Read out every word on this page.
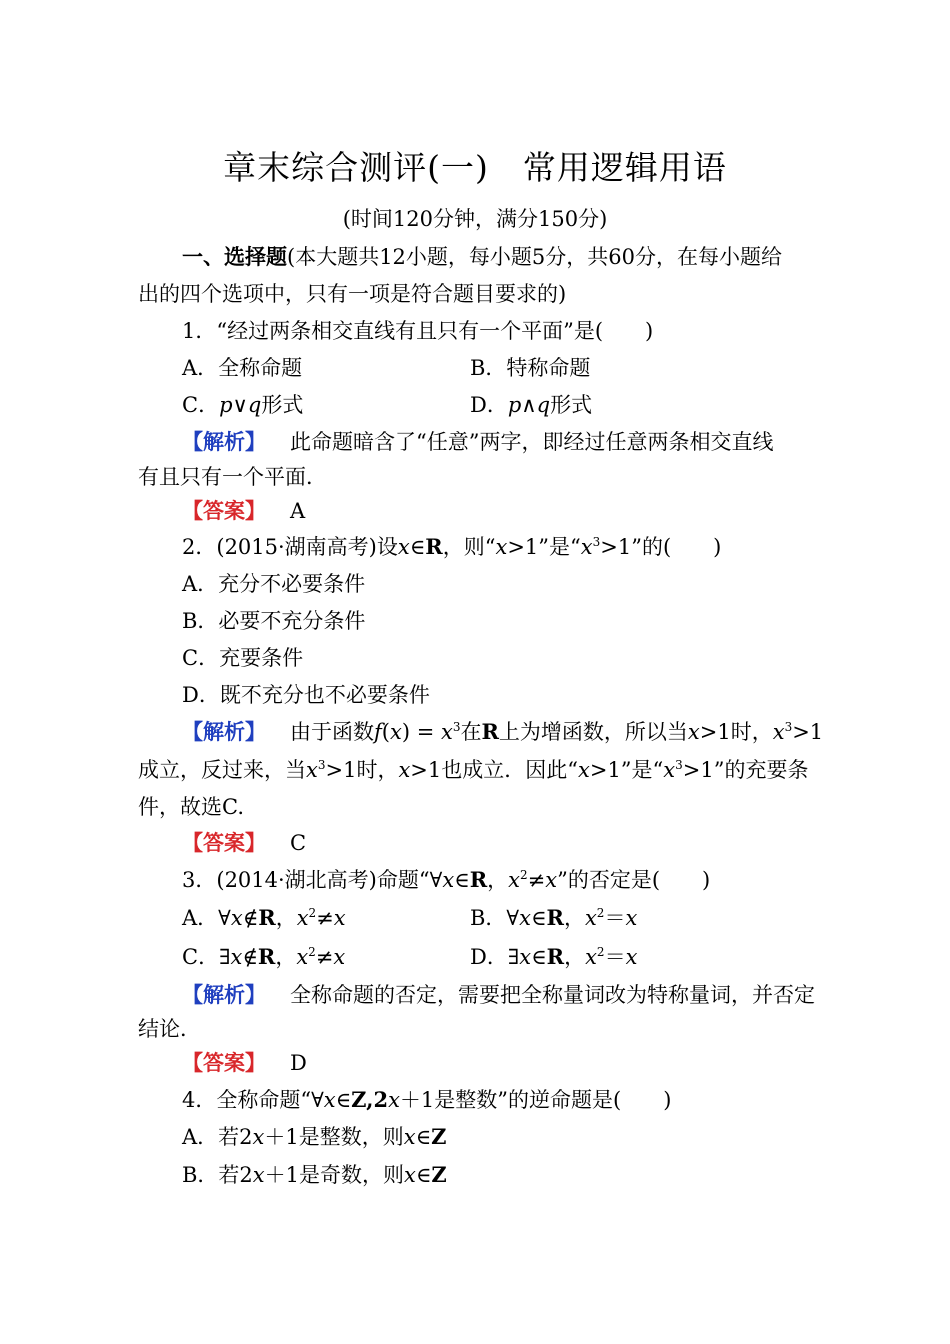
章末综合测评(一)　常用逻辑用语
(时间120分钟，满分150分)
一、选择题(本大题共12小题，每小题5分，共60分，在每小题给
出的四个选项中，只有一项是符合题目要求的)
1．“经过两条相交直线有且只有一个平面”是(　　)
A．全称命题	B．特称命题
C．p∨q形式	D．p∧q形式
【解析】 此命题暗含了“任意”两字，即经过任意两条相交直线
有且只有一个平面．
【答案】 A
2．(2015·湖南高考)设x∈R，则“x>1”是“$x^3>1$”的(　　)
A．充分不必要条件
B．必要不充分条件
C．充要条件
D．既不充分也不必要条件
【解析】 由于函数$f(x) = x^3$在R上为增函数，所以当x>1时，$x^3>1$
成立，反过来，当$x^3>1$时，x>1也成立．因此“x>1”是“$x^3>1$”的充要条
件，故选C.
【答案】 C
3．(2014·湖北高考)命题“∀x∈R，$x^2\ne x$”的否定是(　　)
A．∀x∉R，$x^2\ne x$	B．∀x∈R，$x^2=x$
C．∃x∉R，$x^2\ne x$	D．∃x∈R，$x^2=x$
【解析】 全称命题的否定，需要把全称量词改为特称量词，并否定
结论．
【答案】 D
4．全称命题“∀x∈Z,2x＋1是整数”的逆命题是(　　)
A．若2x＋1是整数，则x∈Z
B．若2x＋1是奇数，则x∈Z
